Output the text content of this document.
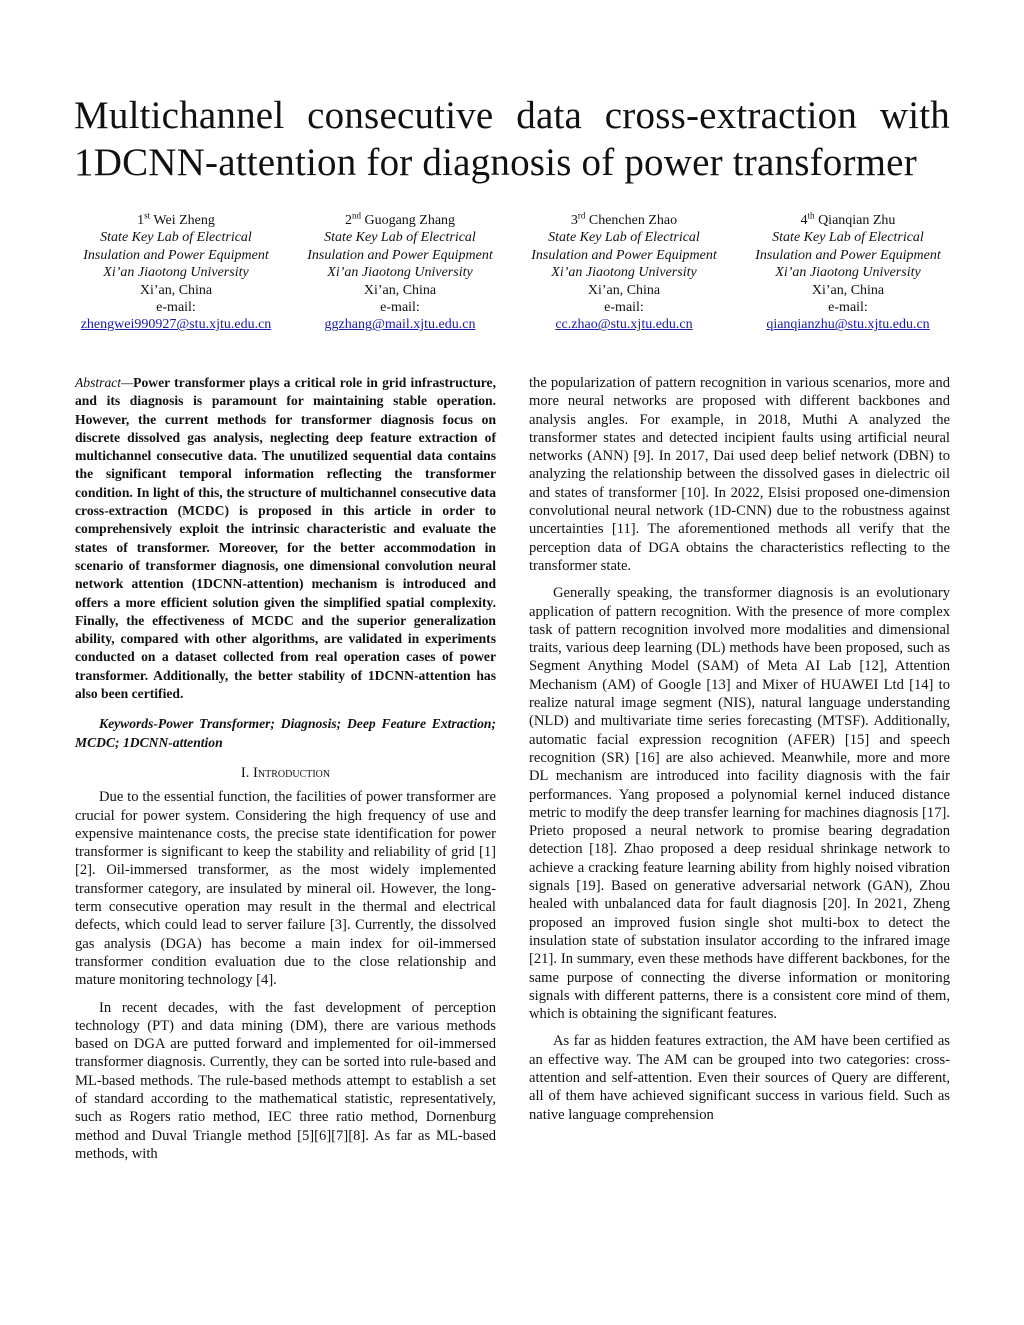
Multichannel consecutive data cross-extraction with 1DCNN-attention for diagnosis of power transformer
1st Wei Zheng
State Key Lab of Electrical
Insulation and Power Equipment
Xi’an Jiaotong University
Xi’an, China
e-mail:
zhengwei990927@stu.xjtu.edu.cn
2nd Guogang Zhang
State Key Lab of Electrical
Insulation and Power Equipment
Xi’an Jiaotong University
Xi’an, China
e-mail:
ggzhang@mail.xjtu.edu.cn
3rd Chenchen Zhao
State Key Lab of Electrical
Insulation and Power Equipment
Xi’an Jiaotong University
Xi’an, China
e-mail:
cc.zhao@stu.xjtu.edu.cn
4th Qianqian Zhu
State Key Lab of Electrical
Insulation and Power Equipment
Xi’an Jiaotong University
Xi’an, China
e-mail:
qianqianzhu@stu.xjtu.edu.cn

Abstract—Power transformer plays a critical role in grid infrastructure, and its diagnosis is paramount for maintaining stable operation. However, the current methods for transformer diagnosis focus on discrete dissolved gas analysis, neglecting deep feature extraction of multichannel consecutive data. The unutilized sequential data contains the significant temporal information reflecting the transformer condition. In light of this, the structure of multichannel consecutive data cross-extraction (MCDC) is proposed in this article in order to comprehensively exploit the intrinsic characteristic and evaluate the states of transformer. Moreover, for the better accommodation in scenario of transformer diagnosis, one dimensional convolution neural network attention (1DCNN-attention) mechanism is introduced and offers a more efficient solution given the simplified spatial complexity. Finally, the effectiveness of MCDC and the superior generalization ability, compared with other algorithms, are validated in experiments conducted on a dataset collected from real operation cases of power transformer. Additionally, the better stability of 1DCNN-attention has also been certified.

Keywords-Power Transformer; Diagnosis; Deep Feature Extraction; MCDC; 1DCNN-attention

I. Introduction

Due to the essential function, the facilities of power transformer are crucial for power system. Considering the high frequency of use and expensive maintenance costs, the precise state identification for power transformer is significant to keep the stability and reliability of grid [1][2]. Oil-immersed transformer, as the most widely implemented transformer category, are insulated by mineral oil. However, the long-term consecutive operation may result in the thermal and electrical defects, which could lead to server failure [3]. Currently, the dissolved gas analysis (DGA) has become a main index for oil-immersed transformer condition evaluation due to the close relationship and mature monitoring technology [4].

In recent decades, with the fast development of perception technology (PT) and data mining (DM), there are various methods based on DGA are putted forward and implemented for oil-immersed transformer diagnosis. Currently, they can be sorted into rule-based and ML-based methods. The rule-based methods attempt to establish a set of standard according to the mathematical statistic, representatively, such as Rogers ratio method, IEC three ratio method, Dornenburg method and Duval Triangle method [5][6][7][8]. As far as ML-based methods, with

the popularization of pattern recognition in various scenarios, more and more neural networks are proposed with different backbones and analysis angles. For example, in 2018, Muthi A analyzed the transformer states and detected incipient faults using artificial neural networks (ANN) [9]. In 2017, Dai used deep belief network (DBN) to analyzing the relationship between the dissolved gases in dielectric oil and states of transformer [10]. In 2022, Elsisi proposed one-dimension convolutional neural network (1D-CNN) due to the robustness against uncertainties [11]. The aforementioned methods all verify that the perception data of DGA obtains the characteristics reflecting to the transformer state.

Generally speaking, the transformer diagnosis is an evolutionary application of pattern recognition. With the presence of more complex task of pattern recognition involved more modalities and dimensional traits, various deep learning (DL) methods have been proposed, such as Segment Anything Model (SAM) of Meta AI Lab [12], Attention Mechanism (AM) of Google [13] and Mixer of HUAWEI Ltd [14] to realize natural image segment (NIS), natural language understanding (NLD) and multivariate time series forecasting (MTSF). Additionally, automatic facial expression recognition (AFER) [15] and speech recognition (SR) [16] are also achieved. Meanwhile, more and more DL mechanism are introduced into facility diagnosis with the fair performances. Yang proposed a polynomial kernel induced distance metric to modify the deep transfer learning for machines diagnosis [17]. Prieto proposed a neural network to promise bearing degradation detection [18]. Zhao proposed a deep residual shrinkage network to achieve a cracking feature learning ability from highly noised vibration signals [19]. Based on generative adversarial network (GAN), Zhou healed with unbalanced data for fault diagnosis [20]. In 2021, Zheng proposed an improved fusion single shot multi-box to detect the insulation state of substation insulator according to the infrared image [21]. In summary, even these methods have different backbones, for the same purpose of connecting the diverse information or monitoring signals with different patterns, there is a consistent core mind of them, which is obtaining the significant features.

As far as hidden features extraction, the AM have been certified as an effective way. The AM can be grouped into two categories: cross-attention and self-attention. Even their sources of Query are different, all of them have achieved significant success in various field. Such as native language comprehension
